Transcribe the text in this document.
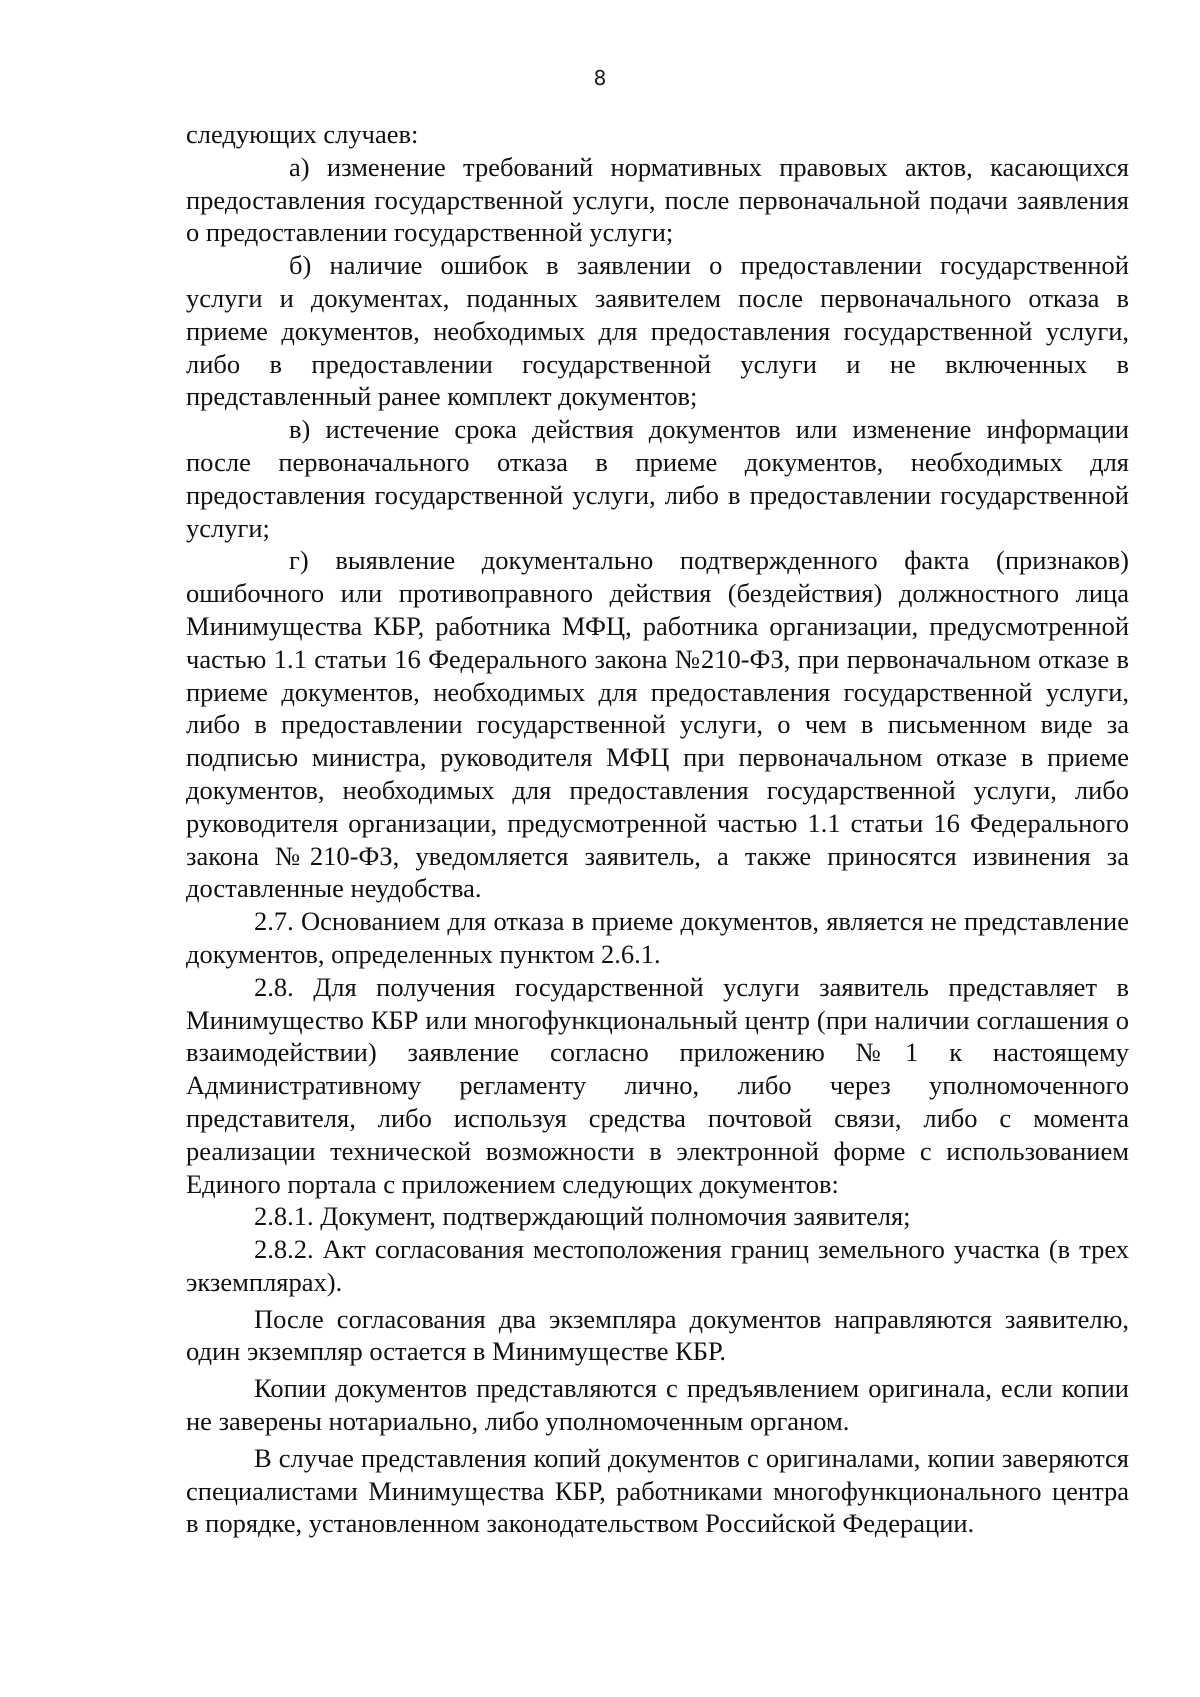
8

следующих случаев:

а) изменение требований нормативных правовых актов, касающихся предоставления государственной услуги, после первоначальной подачи заявления о предоставлении государственной услуги;

б) наличие ошибок в заявлении о предоставлении государственной услуги и документах, поданных заявителем после первоначального отказа в приеме документов, необходимых для предоставления государственной услуги, либо в предоставлении государственной услуги и не включенных в представленный ранее комплект документов;

в) истечение срока действия документов или изменение информации после первоначального отказа в приеме документов, необходимых для предоставления государственной услуги, либо в предоставлении государственной услуги;

г) выявление документально подтвержденного факта (признаков) ошибочного или противоправного действия (бездействия) должностного лица Минимущества КБР, работника МФЦ, работника организации, предусмотренной частью 1.1 статьи 16 Федерального закона №210-ФЗ, при первоначальном отказе в приеме документов, необходимых для предоставления государственной услуги, либо в предоставлении государственной услуги, о чем в письменном виде за подписью министра, руководителя МФЦ при первоначальном отказе в приеме документов, необходимых для предоставления государственной услуги, либо руководителя организации, предусмотренной частью 1.1 статьи 16 Федерального закона №210-ФЗ, уведомляется заявитель, а также приносятся извинения за доставленные неудобства.

2.7. Основанием для отказа в приеме документов, является не представление документов, определенных пунктом 2.6.1.

2.8. Для получения государственной услуги заявитель представляет в Минимущество КБР или многофункциональный центр (при наличии соглашения о взаимодействии) заявление согласно приложению №1 к настоящему Административному регламенту лично, либо через уполномоченного представителя, либо используя средства почтовой связи, либо с момента реализации технической возможности в электронной форме с использованием Единого портала с приложением следующих документов:

2.8.1. Документ, подтверждающий полномочия заявителя;

2.8.2. Акт согласования местоположения границ земельного участка (в трех экземплярах).

После согласования два экземпляра документов направляются заявителю, один экземпляр остается в Минимуществе КБР.

Копии документов представляются с предъявлением оригинала, если копии не заверены нотариально, либо уполномоченным органом.

В случае представления копий документов с оригиналами, копии заверяются специалистами Минимущества КБР, работниками многофункционального центра в порядке, установленном законодательством Российской Федерации.
